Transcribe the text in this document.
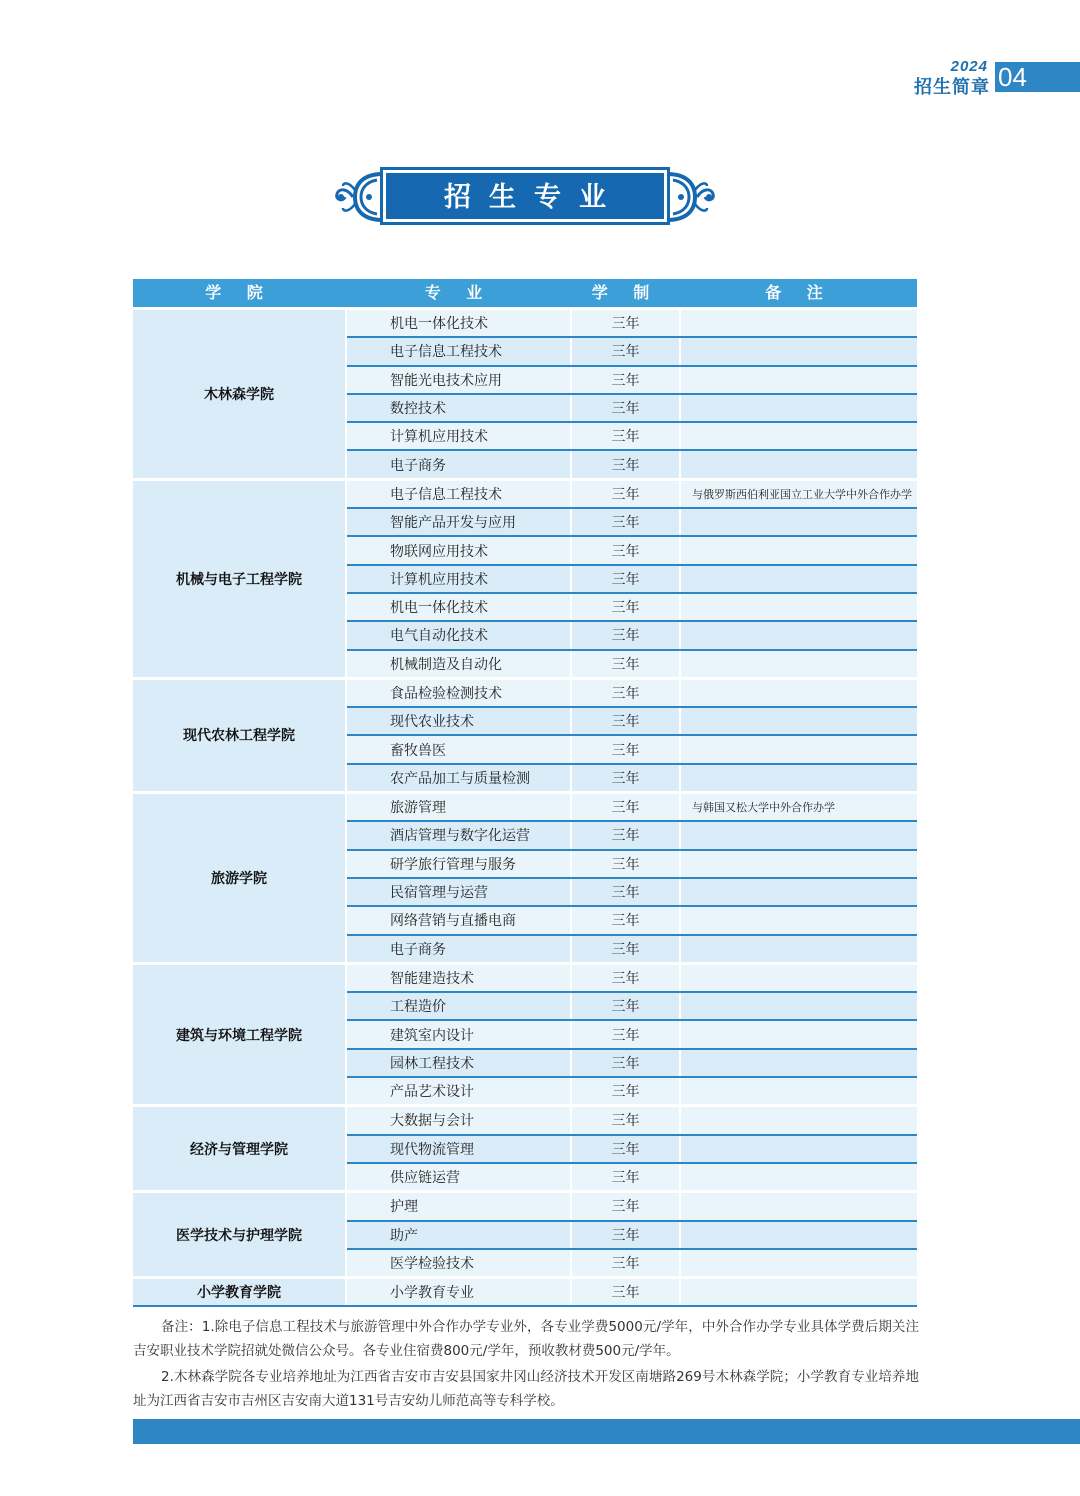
04
2024
招生简章
招生专业
学 院	专 业	学 制	备 注
木林森学院
机电一体化技术	三年
电子信息工程技术	三年
智能光电技术应用	三年
数控技术	三年
计算机应用技术	三年
电子商务	三年
机械与电子工程学院
电子信息工程技术	三年	与俄罗斯西伯利亚国立工业大学中外合作办学
智能产品开发与应用	三年
物联网应用技术	三年
计算机应用技术	三年
机电一体化技术	三年
电气自动化技术	三年
机械制造及自动化	三年
现代农林工程学院
食品检验检测技术	三年
现代农业技术	三年
畜牧兽医	三年
农产品加工与质量检测	三年
旅游学院
旅游管理	三年	与韩国又松大学中外合作办学
酒店管理与数字化运营	三年
研学旅行管理与服务	三年
民宿管理与运营	三年
网络营销与直播电商	三年
电子商务	三年
建筑与环境工程学院
智能建造技术	三年
工程造价	三年
建筑室内设计	三年
园林工程技术	三年
产品艺术设计	三年
经济与管理学院
大数据与会计	三年
现代物流管理	三年
供应链运营	三年
医学技术与护理学院
护理	三年
助产	三年
医学检验技术	三年
小学教育学院	小学教育专业	三年

备注：1.除电子信息工程技术与旅游管理中外合作办学专业外，各专业学费5000元/学年，中外合作办学专业具体学费后期关注吉安职业技术学院招就处微信公众号。各专业住宿费800元/学年，预收教材费500元/学年。

2.木林森学院各专业培养地址为江西省吉安市吉安县国家井冈山经济技术开发区南塘路269号木林森学院；小学教育专业培养地址为江西省吉安市吉州区吉安南大道131号吉安幼儿师范高等专科学校。
